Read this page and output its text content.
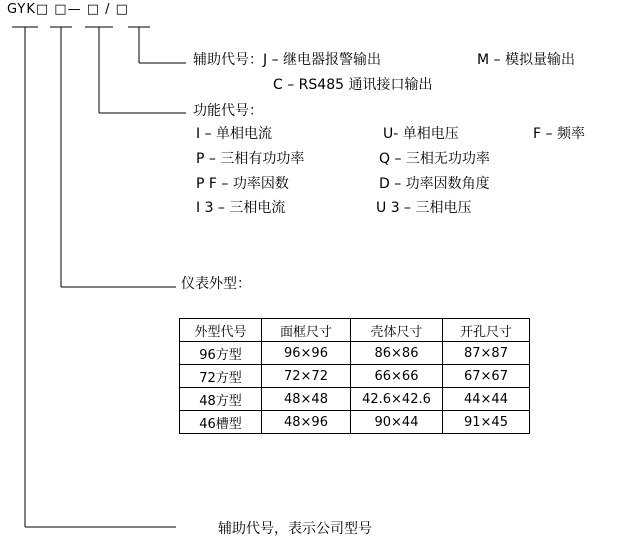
GYK□ □— □ / □
辅助代号：J – 继电器报警输出	M – 模拟量输出
C – RS485 通讯接口输出
功能代号：
I – 单相电流	U- 单相电压	F – 频率
P – 三相有功功率	Q – 三相无功功率
P F – 功率因数	D – 功率因数角度
I 3 – 三相电流	U 3 – 三相电压
仪表外型：
外型代号	面框尺寸	壳体尺寸	开孔尺寸
96方型	96×96	86×86	87×87
72方型	72×72	66×66	67×67
48方型	48×48	42.6×42.6	44×44
46槽型	48×96	90×44	91×45
辅助代号，表示公司型号
